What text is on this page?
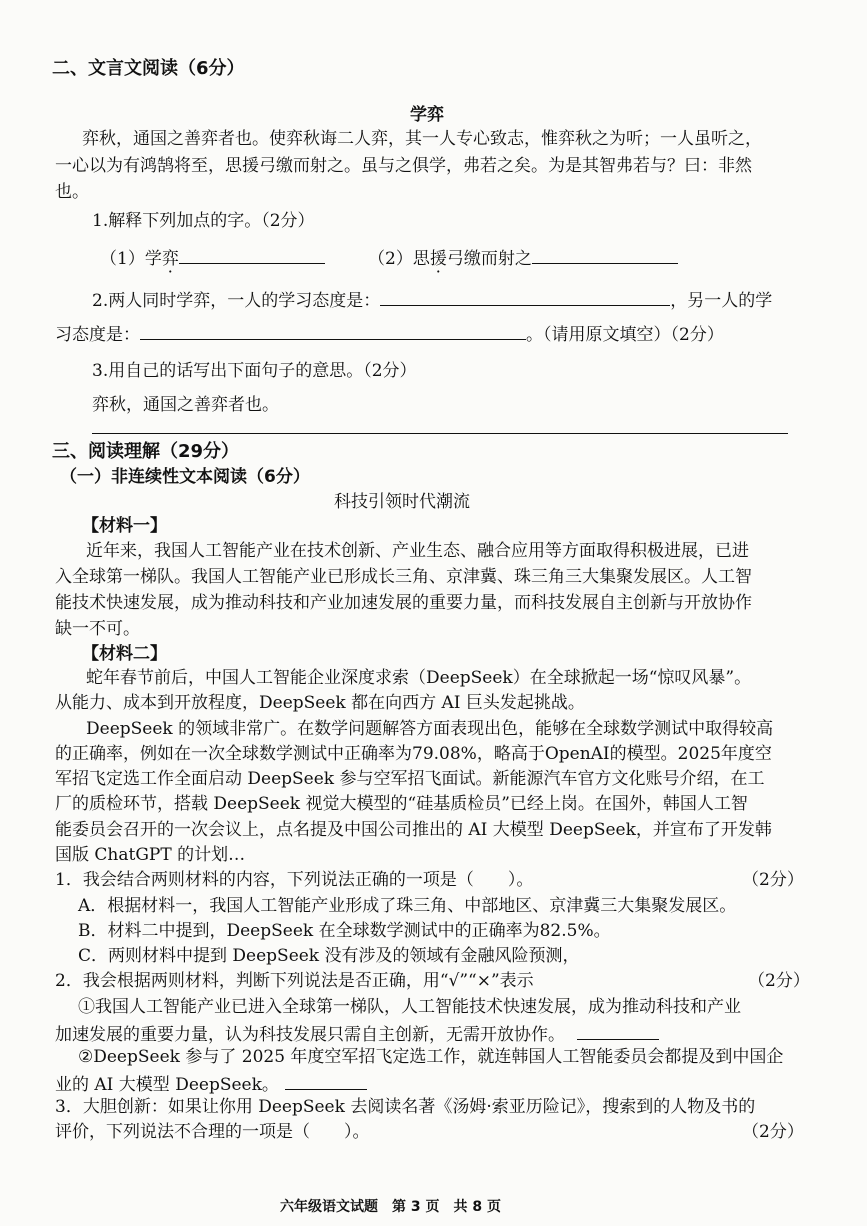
二、文言文阅读（6分）
学弈
弈秋，通国之善弈者也。使弈秋诲二人弈，其一人专心致志，惟弈秋之为听；一人虽听之，
一心以为有鸿鹄将至，思援弓缴而射之。虽与之俱学，弗若之矣。为是其智弗若与？曰：非然
也。
1.解释下列加点的字。（2分）
（1）学弈	（2）思援弓缴而射之
2.两人同时学弈，一人的学习态度是：	，另一人的学
习态度是：	。（请用原文填空）（2分）
3.用自己的话写出下面句子的意思。（2分）
弈秋，通国之善弈者也。
三、阅读理解（29分）
（一）非连续性文本阅读（6分）
科技引领时代潮流
【材料一】
近年来，我国人工智能产业在技术创新、产业生态、融合应用等方面取得积极进展，已进
入全球第一梯队。我国人工智能产业已形成长三角、京津冀、珠三角三大集聚发展区。人工智
能技术快速发展，成为推动科技和产业加速发展的重要力量，而科技发展自主创新与开放协作
缺一不可。
【材料二】
蛇年春节前后，中国人工智能企业深度求索（DeepSeek）在全球掀起一场“惊叹风暴”。
从能力、成本到开放程度，DeepSeek 都在向西方 AI 巨头发起挑战。
DeepSeek 的领域非常广。在数学问题解答方面表现出色，能够在全球数学测试中取得较高
的正确率，例如在一次全球数学测试中正确率为79.08%，略高于OpenAI的模型。2025年度空
军招飞定选工作全面启动 DeepSeek 参与空军招飞面试。新能源汽车官方文化账号介绍，在工
厂的质检环节，搭载 DeepSeek 视觉大模型的“硅基质检员”已经上岗。在国外，韩国人工智
能委员会召开的一次会议上，点名提及中国公司推出的 AI 大模型 DeepSeek，并宣布了开发韩
国版 ChatGPT 的计划…
1．我会结合两则材料的内容，下列说法正确的一项是（　　）。	（2分）
A．根据材料一，我国人工智能产业形成了珠三角、中部地区、京津冀三大集聚发展区。
B．材料二中提到，DeepSeek 在全球数学测试中的正确率为82.5%。
C．两则材料中提到 DeepSeek 没有涉及的领域有金融风险预测，
2．我会根据两则材料，判断下列说法是否正确，用“√”“×”表示	（2分）
①我国人工智能产业已进入全球第一梯队，人工智能技术快速发展，成为推动科技和产业
加速发展的重要力量，认为科技发展只需自主创新，无需开放协作。
②DeepSeek 参与了 2025 年度空军招飞定选工作，就连韩国人工智能委员会都提及到中国企
业的 AI 大模型 DeepSeek。
3．大胆创新：如果让你用 DeepSeek 去阅读名著《汤姆·索亚历险记》，搜索到的人物及书的
评价，下列说法不合理的一项是（　　）。	（2分）
六年级语文试题　第 3 页　共 8 页
